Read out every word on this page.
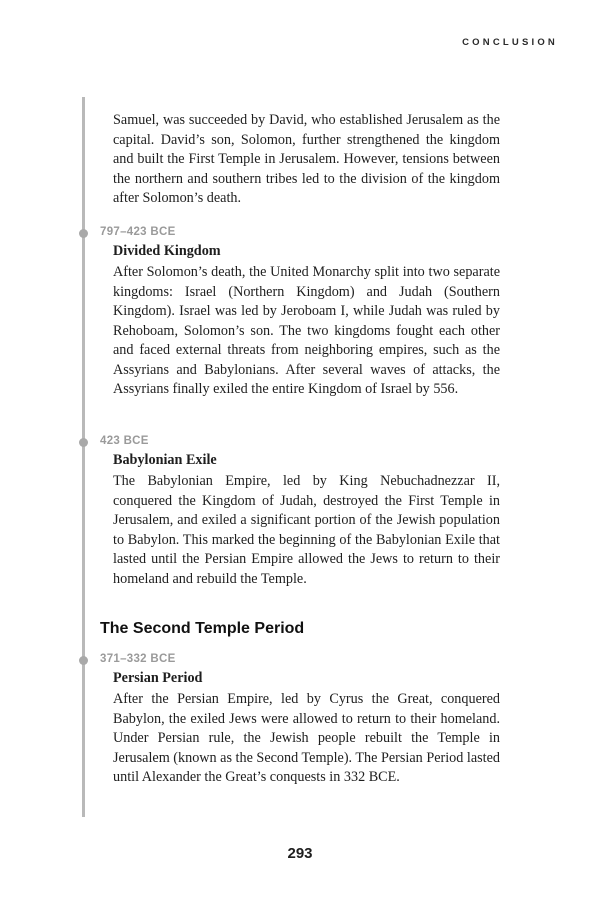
CONCLUSION

Samuel, was succeeded by David, who established Jerusalem as the capital. David’s son, Solomon, further strengthened the kingdom and built the First Temple in Jerusalem. However, tensions between the northern and southern tribes led to the division of the kingdom after Solomon’s death.

797–423 BCE
Divided Kingdom

After Solomon’s death, the United Monarchy split into two separate kingdoms: Israel (Northern Kingdom) and Judah (Southern Kingdom). Israel was led by Jeroboam I, while Judah was ruled by Rehoboam, Solomon’s son. The two kingdoms fought each other and faced external threats from neighboring empires, such as the Assyrians and Babylonians. After several waves of attacks, the Assyrians finally exiled the entire Kingdom of Israel by 556.

423 BCE
Babylonian Exile

The Babylonian Empire, led by King Nebuchadnezzar II, conquered the Kingdom of Judah, destroyed the First Temple in Jerusalem, and exiled a significant portion of the Jewish population to Babylon. This marked the beginning of the Babylonian Exile that lasted until the Persian Empire allowed the Jews to return to their homeland and rebuild the Temple.

The Second Temple Period
371–332 BCE
Persian Period

After the Persian Empire, led by Cyrus the Great, conquered Babylon, the exiled Jews were allowed to return to their homeland. Under Persian rule, the Jewish people rebuilt the Temple in Jerusalem (known as the Second Temple). The Persian Period lasted until Alexander the Great’s conquests in 332 BCE.

293
